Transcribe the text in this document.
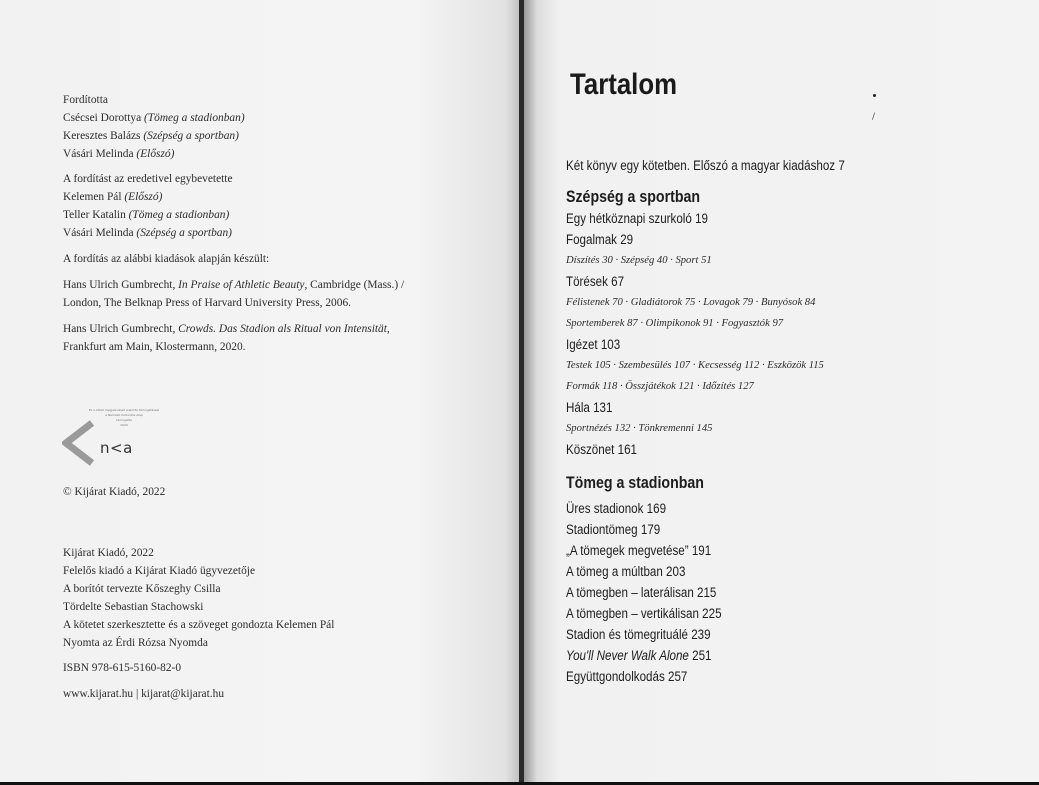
Fordította
Csécsei Dorottya (Tömeg a stadionban)
Keresztes Balázs (Szépség a sportban)
Vásári Melinda (Előszó)
A fordítást az eredetivel egybevetette
Kelemen Pál (Előszó)
Teller Katalin (Tömeg a stadionban)
Vásári Melinda (Szépség a sportban)
A fordítás az alábbi kiadások alapján készült:
Hans Ulrich Gumbrecht, In Praise of Athletic Beauty, Cambridge (Mass.) /
London, The Belknap Press of Harvard University Press, 2006.
Hans Ulrich Gumbrecht, Crowds. Das Stadion als Ritual von Intensität,
Frankfurt am Main, Klostermann, 2020.
Ez a kötet megjelenését jelentős támogatással
a Nemzeti Kulturális Alap
támogatta
2020
n<a
© Kijárat Kiadó, 2022
Kijárat Kiadó, 2022
Felelős kiadó a Kijárat Kiadó ügyvezetője
A borítót tervezte Kőszeghy Csilla
Tördelte Sebastian Stachowski
A kötetet szerkesztette és a szöveget gondozta Kelemen Pál
Nyomta az Érdi Rózsa Nyomda
ISBN 978-615-5160-82-0
www.kijarat.hu | kijarat@kijarat.hu
Tartalom
/
Két könyv egy kötetben. Előszó a magyar kiadáshoz 7
Szépség a sportban
Egy hétköznapi szurkoló 19
Fogalmak 29
Díszítés 30 · Szépség 40 · Sport 51
Törések 67
Félistenek 70 · Gladiátorok 75 · Lovagok 79 · Bunyósok 84
Sportemberek 87 · Olimpikonok 91 · Fogyasztók 97
Igézet 103
Testek 105 · Szembesülés 107 · Kecsesség 112 · Eszközök 115
Formák 118 · Összjátékok 121 · Időzítés 127
Hála 131
Sportnézés 132 · Tönkremenni 145
Köszönet 161
Tömeg a stadionban
Üres stadionok 169
Stadiontömeg 179
„A tömegek megvetése” 191
A tömeg a múltban 203
A tömegben – laterálisan 215
A tömegben – vertikálisan 225
Stadion és tömegrituálé 239
You'll Never Walk Alone 251
Együttgondolkodás 257
